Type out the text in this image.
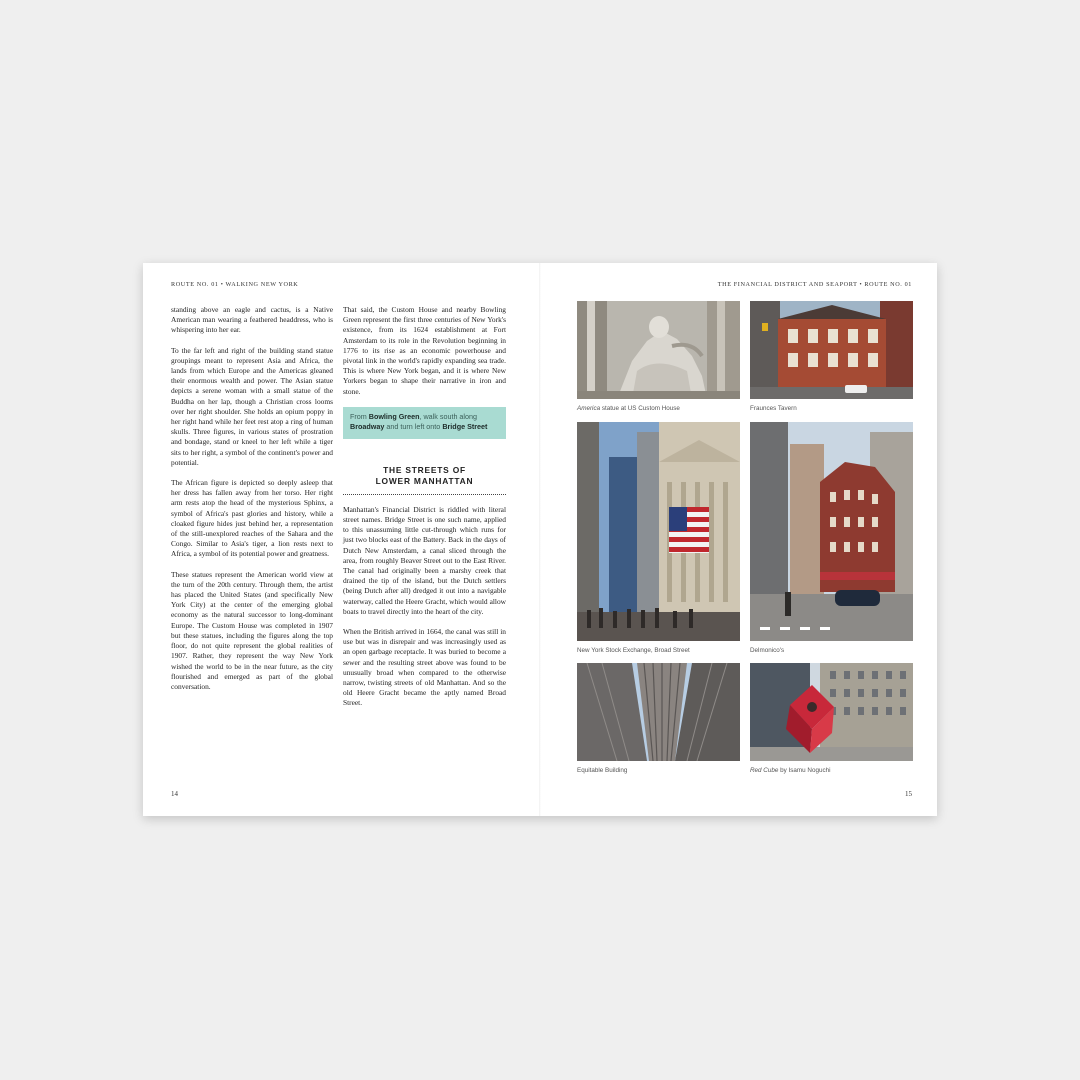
ROUTE NO. 01 • WALKING NEW YORK	THE FINANCIAL DISTRICT AND SEAPORT • ROUTE NO. 01

standing above an eagle and cactus, is a Native American man wearing a feathered headdress, who is whispering into her ear.

To the far left and right of the building stand statue groupings meant to represent Asia and Africa, the lands from which Europe and the Americas gleaned their enormous wealth and power. The Asian statue depicts a serene woman with a small statue of the Buddha on her lap, though a Christian cross looms over her right shoulder. She holds an opium poppy in her right hand while her feet rest atop a ring of human skulls. Three figures, in various states of prostration and bondage, stand or kneel to her left while a tiger sits to her right, a symbol of the continent's power and potential.

The African figure is depicted so deeply asleep that her dress has fallen away from her torso. Her right arm rests atop the head of the mysterious Sphinx, a symbol of Africa's past glories and history, while a cloaked figure hides just behind her, a representation of the still-unexplored reaches of the Sahara and the Congo. Similar to Asia's tiger, a lion rests next to Africa, a symbol of its potential power and greatness.

These statues represent the American world view at the turn of the 20th century. Through them, the artist has placed the United States (and specifically New York City) at the center of the emerging global economy as the natural successor to long-dominant Europe. The Custom House was completed in 1907 but these statues, including the figures along the top floor, do not quite represent the global realities of 1907. Rather, they represent the way New York wished the world to be in the near future, as the city flourished and emerged as part of the global conversation.

That said, the Custom House and nearby Bowling Green represent the first three centuries of New York's existence, from its 1624 establishment at Fort Amsterdam to its role in the Revolution beginning in 1776 to its rise as an economic powerhouse and pivotal link in the world's rapidly expanding sea trade. This is where New York began, and it is where New Yorkers began to shape their narrative in iron and stone.

From Bowling Green, walk south along Broadway and turn left onto Bridge Street
THE STREETS OF
LOWER MANHATTAN

Manhattan's Financial District is riddled with literal street names. Bridge Street is one such name, applied to this unassuming little cut-through which runs for just two blocks east of the Battery. Back in the days of Dutch New Amsterdam, a canal sliced through the area, from roughly Beaver Street out to the East River. The canal had originally been a marshy creek that drained the tip of the island, but the Dutch settlers (being Dutch after all) dredged it out into a navigable waterway, called the Heere Gracht, which would allow boats to travel directly into the heart of the city.

When the British arrived in 1664, the canal was still in use but was in disrepair and was increasingly used as an open garbage receptacle. It was buried to become a sewer and the resulting street above was found to be unusually broad when compared to the otherwise narrow, twisting streets of old Manhattan. And so the old Heere Gracht became the aptly named Broad Street.

14	15
America statue at US Custom House	Fraunces Tavern
New York Stock Exchange, Broad Street	Delmonico's
Equitable Building	Red Cube by Isamu Noguchi
